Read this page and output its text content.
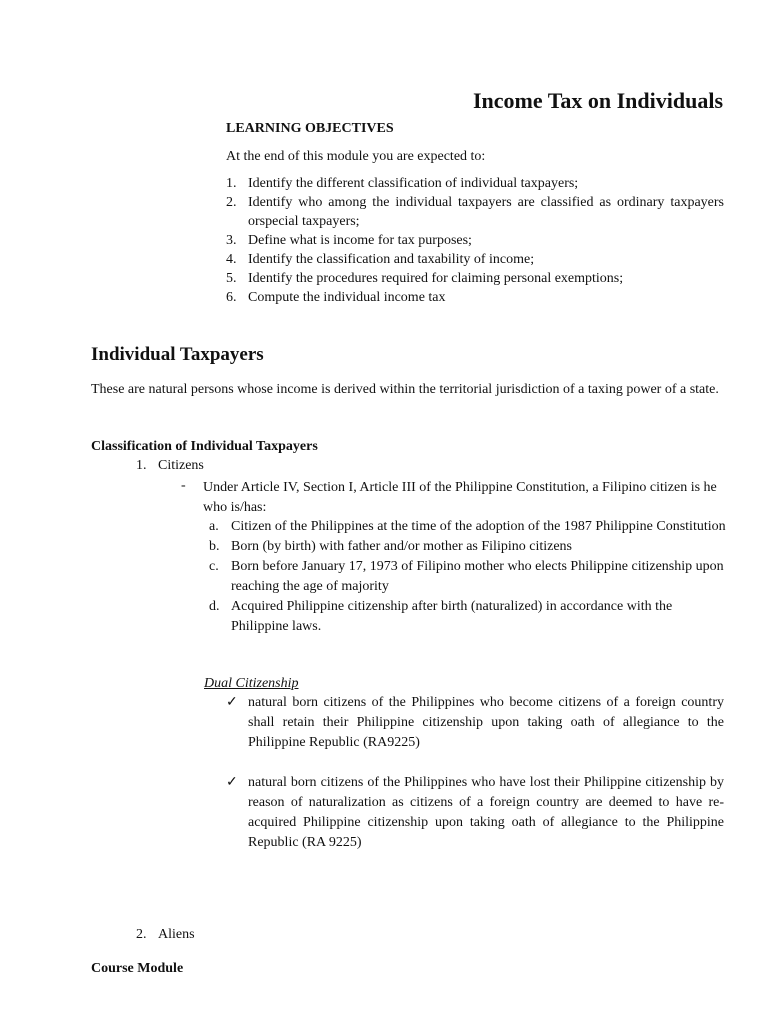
Income Tax on Individuals
LEARNING OBJECTIVES
At the end of this module you are expected to:
1. Identify the different classification of individual taxpayers;
2. Identify who among the individual taxpayers are classified as ordinary taxpayers orspecial taxpayers;
3. Define what is income for tax purposes;
4. Identify the classification and taxability of income;
5. Identify the procedures required for claiming personal exemptions;
6. Compute the individual income tax
Individual Taxpayers
These are natural persons whose income is derived within the territorial jurisdiction of a taxing power of a state.
Classification of Individual Taxpayers
1. Citizens
- Under Article IV, Section I, Article III of the Philippine Constitution, a Filipino citizen is he who is/has:
a. Citizen of the Philippines at the time of the adoption of the 1987 Philippine Constitution
b. Born (by birth) with father and/or mother as Filipino citizens
c. Born before January 17, 1973 of Filipino mother who elects Philippine citizenship upon reaching the age of majority
d. Acquired Philippine citizenship after birth (naturalized) in accordance with the Philippine laws.
Dual Citizenship
✓ natural born citizens of the Philippines who become citizens of a foreign country shall retain their Philippine citizenship upon taking oath of allegiance to the Philippine Republic (RA9225)
✓ natural born citizens of the Philippines who have lost their Philippine citizenship by reason of naturalization as citizens of a foreign country are deemed to have re-acquired Philippine citizenship upon taking oath of allegiance to the Philippine Republic (RA 9225)
2. Aliens
Course Module
